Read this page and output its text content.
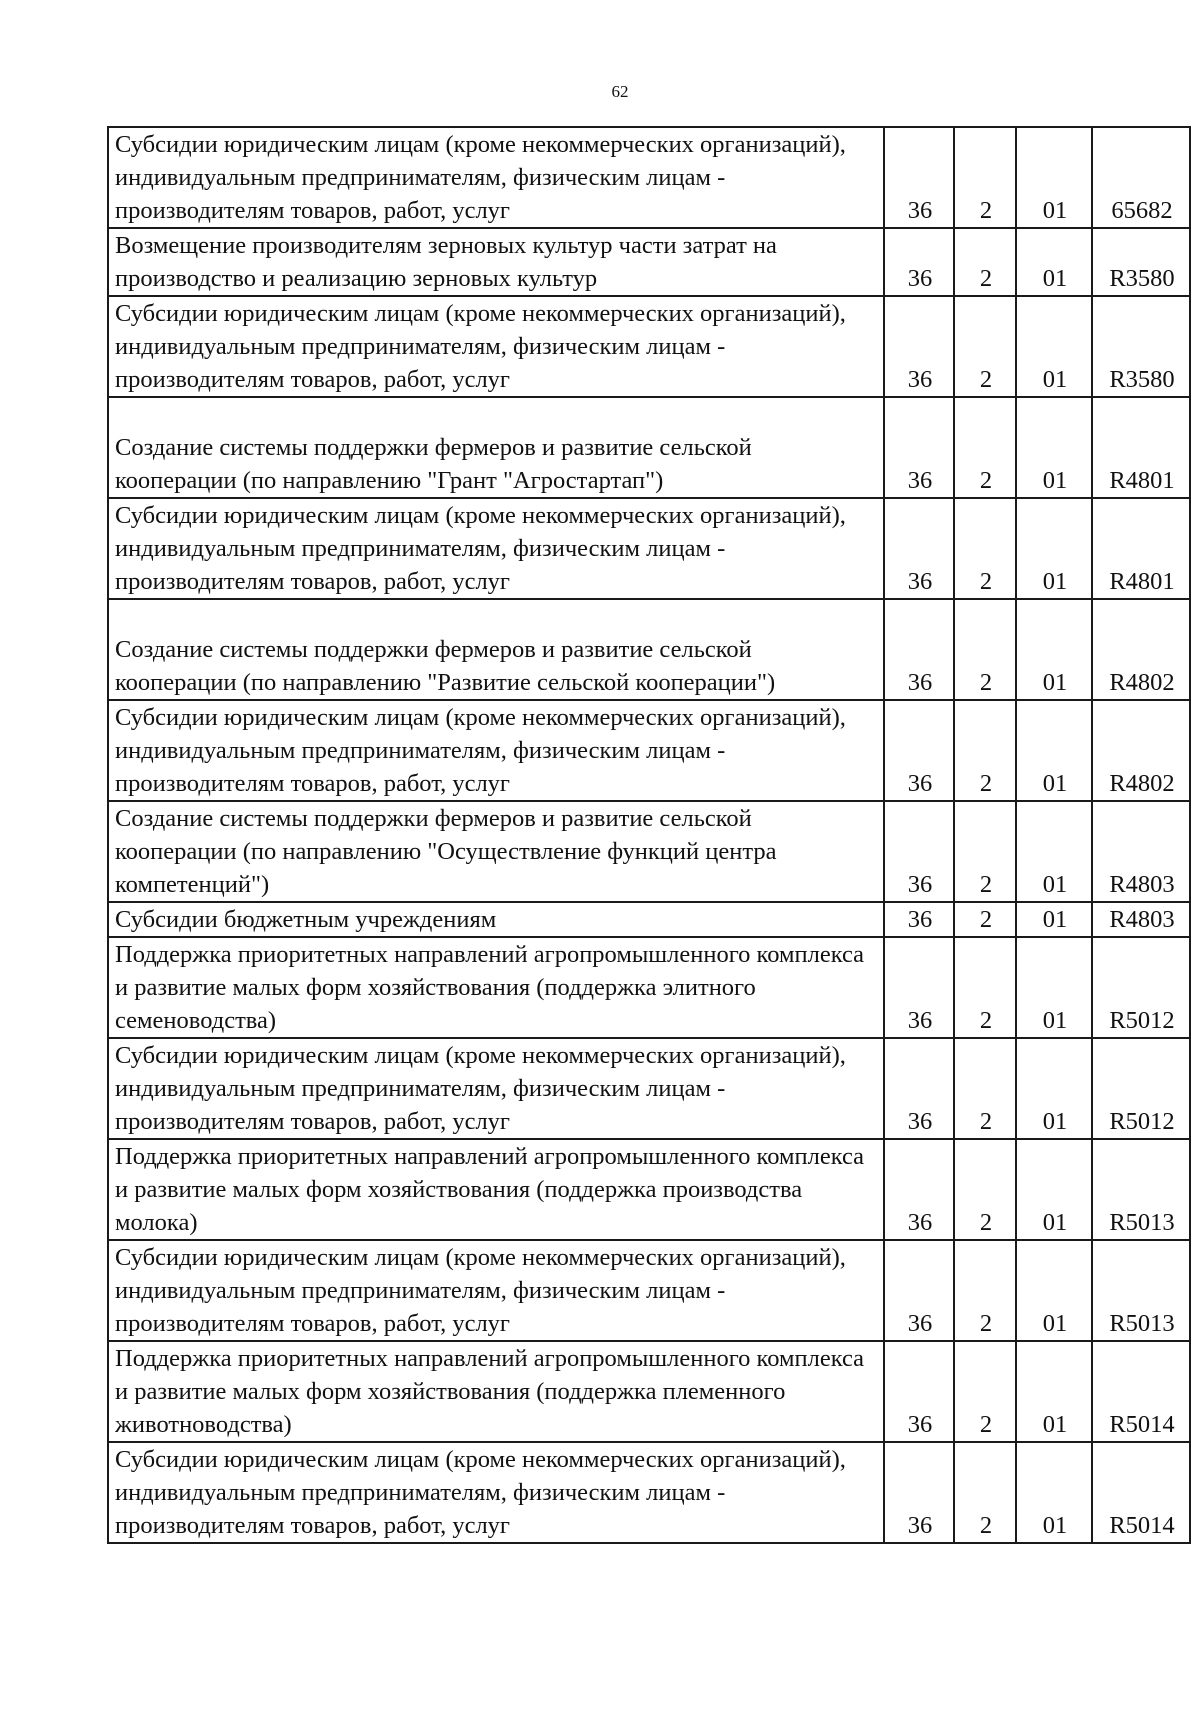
62
Субсидии юридическим лицам (кроме некоммерческих организаций), индивидуальным предпринимателям, физическим лицам - производителям товаров, работ, услуг	36	2	01	65682
Возмещение производителям зерновых культур части затрат на производство и реализацию зерновых культур	36	2	01	R3580
Субсидии юридическим лицам (кроме некоммерческих организаций), индивидуальным предпринимателям, физическим лицам - производителям товаров, работ, услуг	36	2	01	R3580
Создание системы поддержки фермеров и развитие сельской кооперации (по направлению "Грант "Агростартап")	36	2	01	R4801
Субсидии юридическим лицам (кроме некоммерческих организаций), индивидуальным предпринимателям, физическим лицам - производителям товаров, работ, услуг	36	2	01	R4801
Создание системы поддержки фермеров и развитие сельской кооперации (по направлению "Развитие сельской кооперации")	36	2	01	R4802
Субсидии юридическим лицам (кроме некоммерческих организаций), индивидуальным предпринимателям, физическим лицам - производителям товаров, работ, услуг	36	2	01	R4802
Создание системы поддержки фермеров и развитие сельской кооперации (по направлению "Осуществление функций центра компетенций")	36	2	01	R4803
Субсидии бюджетным учреждениям	36	2	01	R4803
Поддержка приоритетных направлений агропромышленного комплекса и развитие малых форм хозяйствования (поддержка элитного семеноводства)	36	2	01	R5012
Субсидии юридическим лицам (кроме некоммерческих организаций), индивидуальным предпринимателям, физическим лицам - производителям товаров, работ, услуг	36	2	01	R5012
Поддержка приоритетных направлений агропромышленного комплекса и развитие малых форм хозяйствования (поддержка производства молока)	36	2	01	R5013
Субсидии юридическим лицам (кроме некоммерческих организаций), индивидуальным предпринимателям, физическим лицам - производителям товаров, работ, услуг	36	2	01	R5013
Поддержка приоритетных направлений агропромышленного комплекса и развитие малых форм хозяйствования (поддержка племенного животноводства)	36	2	01	R5014
Субсидии юридическим лицам (кроме некоммерческих организаций), индивидуальным предпринимателям, физическим лицам - производителям товаров, работ, услуг	36	2	01	R5014
